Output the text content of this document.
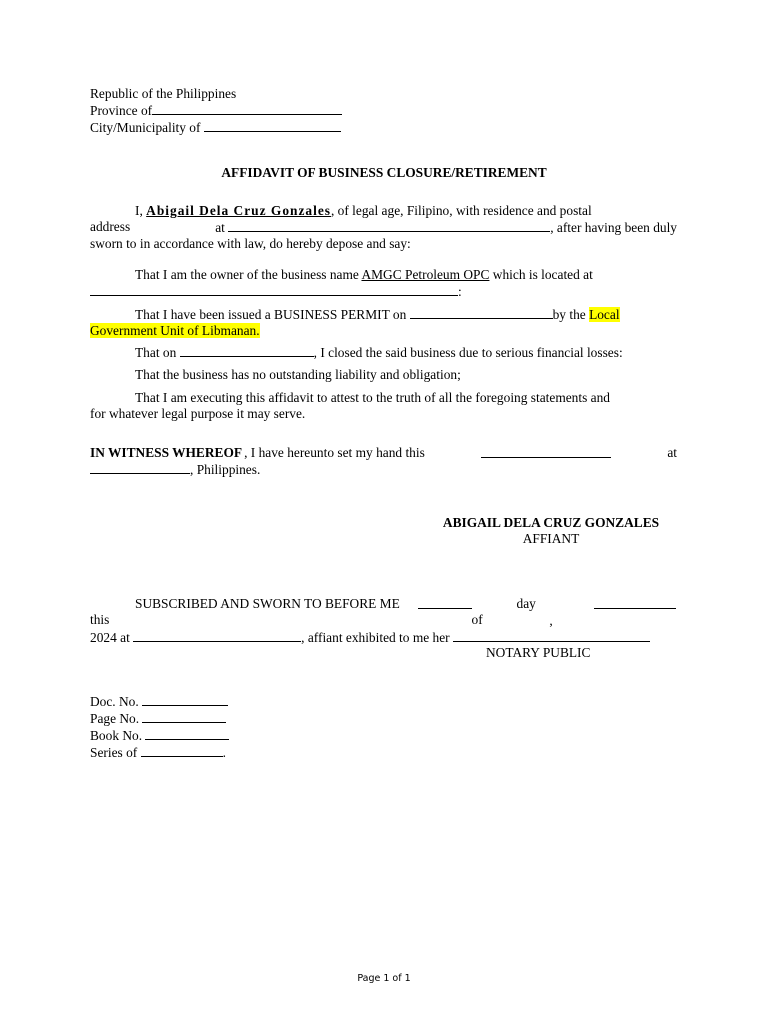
Republic of the Philippines
Province of
City/Municipality of
AFFIDAVIT OF BUSINESS CLOSURE/RETIREMENT
I, Abigail Dela Cruz Gonzales, of legal age, Filipino, with residence and postal
address	at	, after having been duly
sworn to in accordance with law, do hereby depose and say:
That I am the owner of the business name AMGC Petroleum OPC which is located at
:
That I have been issued a BUSINESS PERMIT on	by the Local
Government Unit of Libmanan.
That on	, I closed the said business due to serious financial losses:
That the business has no outstanding liability and obligation;
That I am executing this affidavit to attest to the truth of all the foregoing statements and
for whatever legal purpose it may serve.
IN WITNESS WHEREOF , I have hereunto set my hand this	at
, Philippines.
ABIGAIL DELA CRUZ GONZALES
AFFIANT
SUBSCRIBED AND SWORN TO BEFORE ME this
day of	,
2024 at	, affiant exhibited to me her
NOTARY PUBLIC
Doc. No.
Page No.
Book No.
Series of	.
Page 1 of 1
